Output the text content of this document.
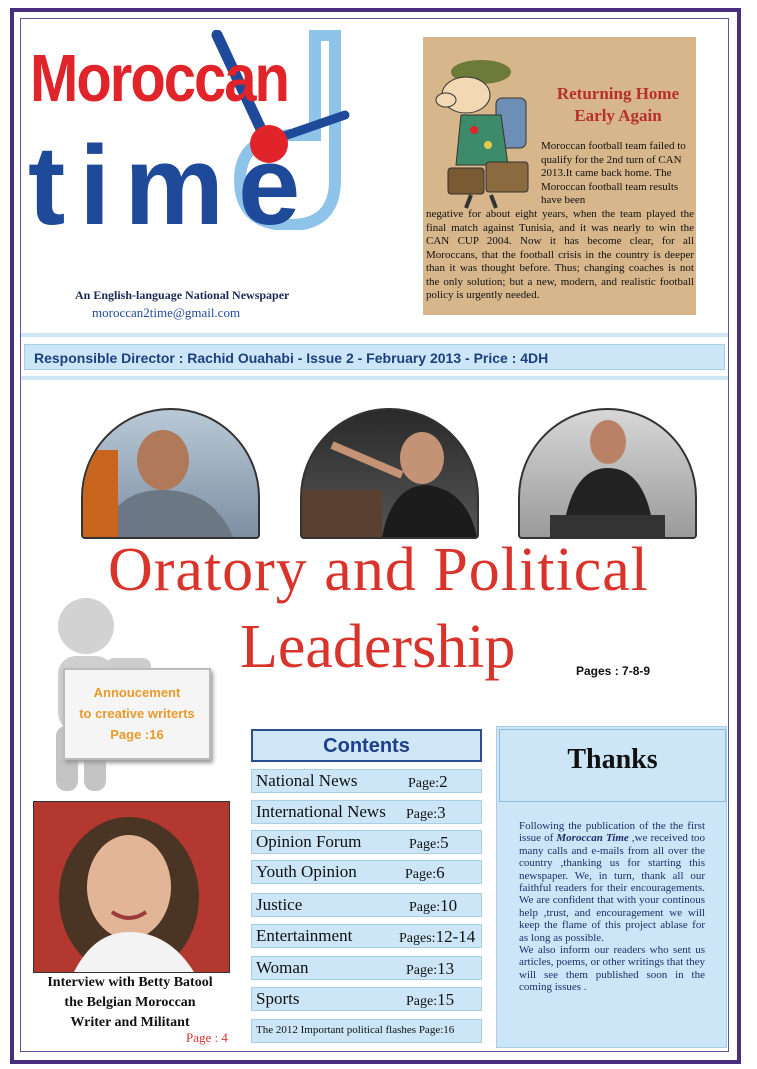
Moroccan
time
An English-language National Newspaper
moroccan2time@gmail.com
Returning Home
Early Again
Moroccan football team failed to qualify for the 2nd turn of CAN 2013.It came back home. The Moroccan football team results have been
negative for about eight years, when the team played the final match against Tunisia, and it was nearly to win the CAN CUP 2004. Now it has become clear, for all Moroccans, that the football crisis in the country is deeper than it was thought before. Thus; changing coaches is not the only solution; but a new, modern, and realistic football policy is urgently needed.
Responsible Director : Rachid Ouahabi - Issue 2 - February 2013 - Price : 4DH
Oratory and Political
Leadership	Pages : 7-8-9
Annoucement
to creative writerts
Page :16
Interview with Betty Batool
the Belgian Moroccan
Writer and Militant
Page : 4
Contents
National News	Page:2
International News Page:3
Opinion Forum	Page:5
Youth Opinion	Page:6
Justice	Page:10
Entertainment	Pages:12-14
Woman	Page:13
Sports	Page:15
The 2012 Important political flashes Page:16
Thanks
Following the publication of the the first issue of Moroccan Time ,we received too many calls and e-mails from all over the country ,thanking us for starting this newspaper. We, in turn, thank all our faithful readers for their encouragements. We are confident that with your continous help ,trust, and encouragement we will keep the flame of this project ablase for as long as possible.
We also inform our readers who sent us articles, poems, or other writings that they will see them published soon in the coming issues .
